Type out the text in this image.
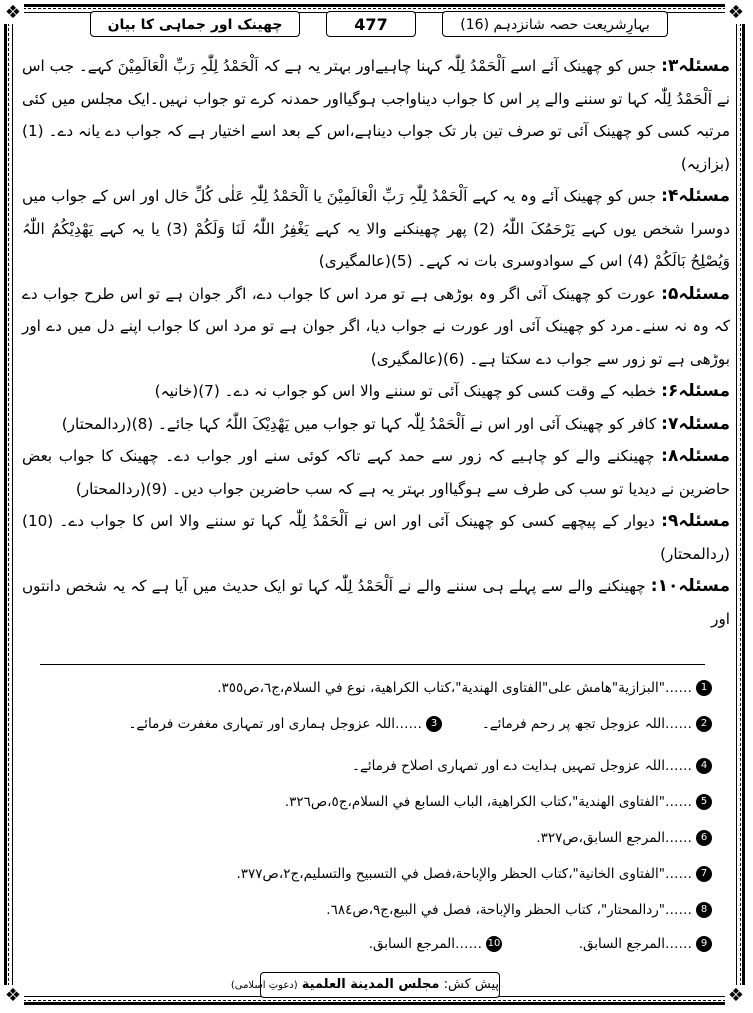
❖	❖
❖	❖
چھینک اور جماہی کا بیان	477	بہارِشریعت حصہ شانزدہم (16)

مسئلہ۳: جس کو چھینک آئے اسے اَلْحَمْدُ لِلّٰہ کہنا چاہیےاور بہتر یہ ہے کہ اَلْحَمْدُ لِلّٰہِ رَبِّ الْعَالَمِیْنَ کہے۔ جب اس نے اَلْحَمْدُ لِلّٰہ کہا تو سننے والے پر اس کا جواب دیناواجب ہوگیااور حمدنہ کرے تو جواب نہیں۔ایک مجلس میں کئی مرتبہ کسی کو چھینک آئی تو صرف تین بار تک جواب دیناہے،اس کے بعد اسے اختیار ہے کہ جواب دے یانہ دے۔ (1)(بزازیہ)

مسئلہ۴: جس کو چھینک آئے وہ یہ کہے اَلْحَمْدُ لِلّٰہِ رَبِّ الْعَالَمِیْنَ یا اَلْحَمْدُ لِلّٰہِ عَلٰی کُلِّ حَال اور اس کے جواب میں دوسرا شخص یوں کہے یَرْحَمُکَ اللّٰہُ (2) پھر چھینکنے والا یہ کہے یَغْفِرُ اللّٰہُ لَنَا وَلَکُمْ (3) یا یہ کہے یَھْدِیْکُمُ اللّٰہُ وَیُصْلِحُ بَالَکُمْ (4) اس کے سوادوسری بات نہ کہے۔ (5)(عالمگیری)

مسئلہ۵: عورت کو چھینک آئی اگر وہ بوڑھی ہے تو مرد اس کا جواب دے، اگر جوان ہے تو اس طرح جواب دے کہ وہ نہ سنے۔مرد کو چھینک آئی اور عورت نے جواب دیا، اگر جوان ہے تو مرد اس کا جواب اپنے دل میں دے اور بوڑھی ہے تو زور سے جواب دے سکتا ہے۔ (6)(عالمگیری)

مسئلہ۶: خطبہ کے وقت کسی کو چھینک آئی تو سننے والا اس کو جواب نہ دے۔ (7)(خانیہ)

مسئلہ۷: کافر کو چھینک آئی اور اس نے اَلْحَمْدُ لِلّٰہ کہا تو جواب میں یَھْدِیْکَ اللّٰہُ کہا جائے۔ (8)(ردالمحتار)

مسئلہ۸: چھینکنے والے کو چاہیے کہ زور سے حمد کہے تاکہ کوئی سنے اور جواب دے۔ چھینک کا جواب بعض حاضرین نے دیدیا تو سب کی طرف سے ہوگیااور بہتر یہ ہے کہ سب حاضرین جواب دیں۔ (9)(ردالمحتار)

مسئلہ۹: دیوار کے پیچھے کسی کو چھینک آئی اور اس نے اَلْحَمْدُ لِلّٰہ کہا تو سننے والا اس کا جواب دے۔ (10)(ردالمحتار)

مسئلہ۱۰: چھینکنے والے سے پہلے ہی سننے والے نے اَلْحَمْدُ لِلّٰہ کہا تو ایک حدیث میں آیا ہے کہ یہ شخص دانتوں اور

1……"البزازية"هامش على"الفتاوى الهندية"،كتاب الكراهية، نوع في السلام،ج٦،ص٣٥٥.
2……اللہ عزوجل تجھ پر رحم فرمائے۔
3……اللہ عزوجل ہماری اور تمہاری مغفرت فرمائے۔
4……اللہ عزوجل تمہیں ہدایت دے اور تمہاری اصلاح فرمائے۔
5……"الفتاوى الهندية"،كتاب الكراهية، الباب السابع في السلام،ج٥،ص٣٢٦.
6……المرجع السابق،ص٣٢٧.
7……"الفتاوى الخانية"،كتاب الحظر والإباحة،فصل في التسبيح والتسليم،ج٢،ص٣٧٧.
8……"ردالمحتار"، كتاب الحظر والإباحة، فصل في البيع،ج٩،ص٦٨٤.
9……المرجع السابق.
10……المرجع السابق.
پیش کش: مجلس المدينة العلمية (دعوتِ اسلامی)
